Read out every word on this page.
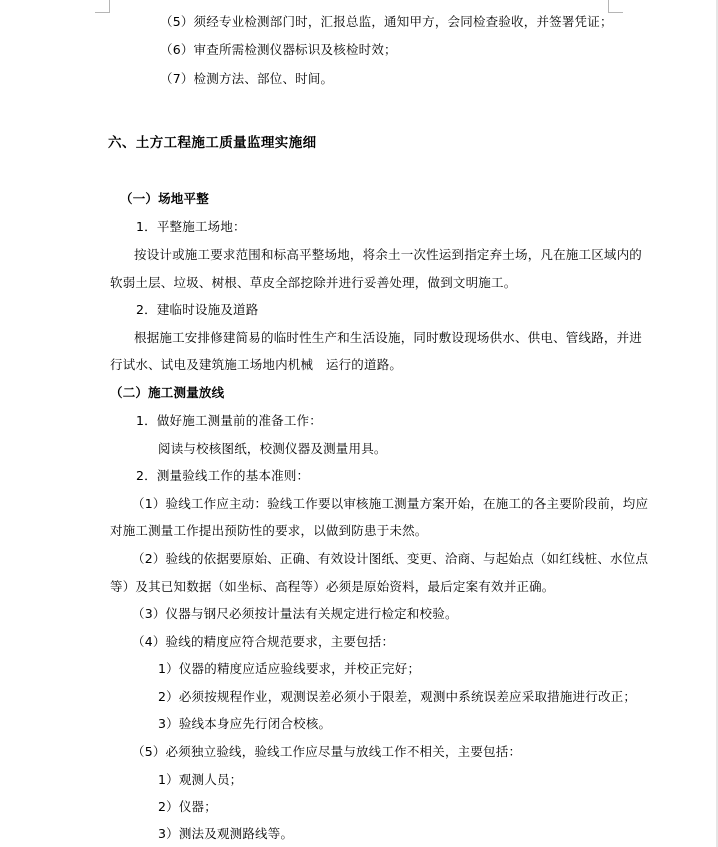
（5）须经专业检测部门时，汇报总监，通知甲方，会同检查验收，并签署凭证；
（6）审查所需检测仪器标识及核检时效；
（7）检测方法、部位、时间。
六、土方工程施工质量监理实施细
（一）场地平整
1．平整施工场地：
按设计或施工要求范围和标高平整场地，将余土一次性运到指定弃土场，凡在施工区域内的
软弱土层、垃圾、树根、草皮全部挖除并进行妥善处理，做到文明施工。
2．建临时设施及道路
根据施工安排修建简易的临时性生产和生活设施，同时敷设现场供水、供电、管线路，并进
行试水、试电及建筑施工场地内机械　运行的道路。
（二）施工测量放线
1．做好施工测量前的准备工作：
阅读与校核图纸，校测仪器及测量用具。
2．测量验线工作的基本准则：
（1）验线工作应主动：验线工作要以审核施工测量方案开始，在施工的各主要阶段前，均应
对施工测量工作提出预防性的要求，以做到防患于未然。
（2）验线的依据要原始、正确、有效设计图纸、变更、洽商、与起始点（如红线桩、水位点
等）及其已知数据（如坐标、高程等）必须是原始资料，最后定案有效并正确。
（3）仪器与钢尺必须按计量法有关规定进行检定和校验。
（4）验线的精度应符合规范要求，主要包括：
1）仪器的精度应适应验线要求，并校正完好；
2）必须按规程作业，观测误差必须小于限差，观测中系统误差应采取措施进行改正；
3）验线本身应先行闭合校核。
（5）必须独立验线，验线工作应尽量与放线工作不相关，主要包括：
1）观测人员；
2）仪器；
3）测法及观测路线等。
